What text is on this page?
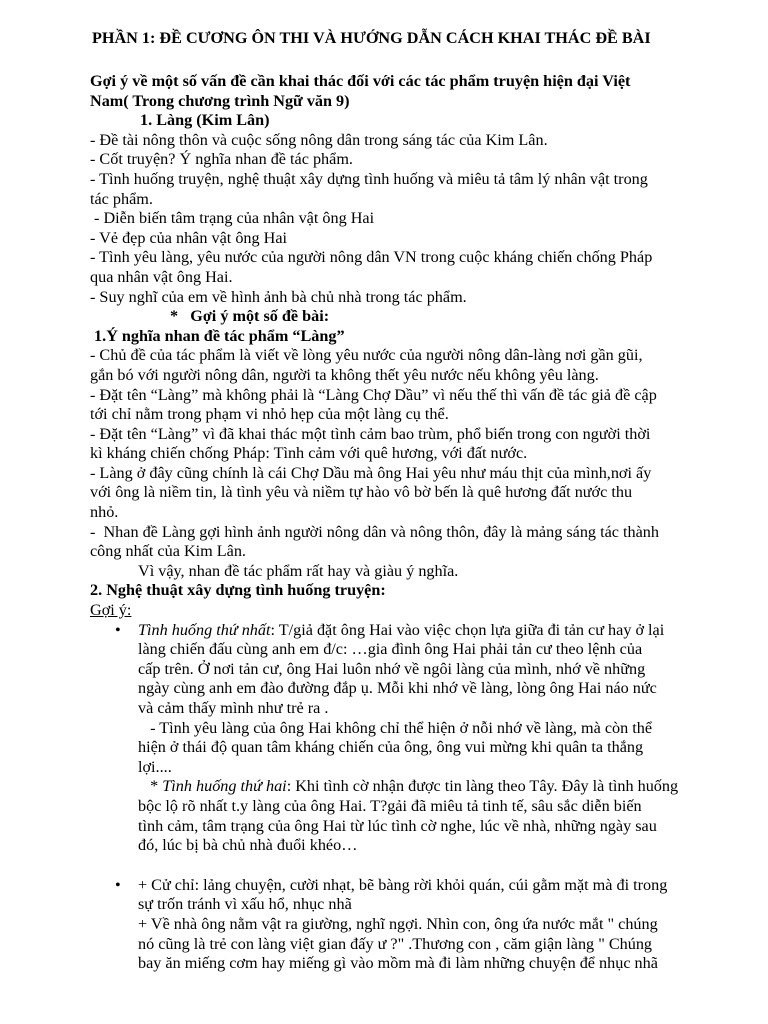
PHẦN 1: ĐỀ CƯƠNG ÔN THI VÀ HƯỚNG DẪN CÁCH KHAI THÁC ĐỀ BÀI

Gợi ý về một số vấn đề cần khai thác đối với các tác phẩm truyện hiện đại Việt

Nam( Trong chương trình Ngữ văn 9)

1. Làng (Kim Lân)

- Đề tài nông thôn và cuộc sống nông dân trong sáng tác của Kim Lân.

- Cốt truyện? Ý nghĩa nhan đề tác phẩm.

- Tình huống truyện, nghệ thuật xây dựng tình huống và miêu tả tâm lý nhân vật trong

tác phẩm.

- Diễn biến tâm trạng của nhân vật ông Hai

- Vẻ đẹp của nhân vật ông Hai

- Tình yêu làng, yêu nước của người nông dân VN trong cuộc kháng chiến chống Pháp

qua nhân vật ông Hai.

- Suy nghĩ của em về hình ảnh bà chủ nhà trong tác phẩm.

*   Gợi ý một số đề bài:

1.Ý nghĩa nhan đề tác phẩm “Làng”

- Chủ đề của tác phẩm là viết về lòng yêu nước của người nông dân-làng nơi gần gũi,

gắn bó với người nông dân, người ta không thết yêu nước nếu không yêu làng.

- Đặt tên “Làng” mà không phải là “Làng Chợ Dầu” vì nếu thế thì vấn đề tác giả đề cập

tới chỉ nằm trong phạm vi nhỏ hẹp của một làng cụ thể.

- Đặt tên “Làng” vì đã khai thác một tình cảm bao trùm, phổ biến trong con người thời

kì kháng chiến chống Pháp: Tình cảm với quê hương, với đất nước.

- Làng ở đây cũng chính là cái Chợ Dầu mà ông Hai yêu như máu thịt của mình,nơi ấy

với ông là niềm tin, là tình yêu và niềm tự hào vô bờ bến là quê hương đất nước thu

nhỏ.

-  Nhan đề Làng gợi hình ảnh người nông dân và nông thôn, đây là mảng sáng tác thành

công nhất của Kim Lân.

Vì vậy, nhan đề tác phẩm rất hay và giàu ý nghĩa.

2. Nghệ thuật xây dựng tình huống truyện:

Gợi ý:

• Tình huống thứ nhất: T/giả đặt ông Hai vào việc chọn lựa giữa đi tản cư hay ở lại

làng chiến đấu cùng anh em đ/c: …gia đình ông Hai phải tản cư theo lệnh của

cấp trên. Ở nơi tản cư, ông Hai luôn nhớ về ngôi làng của mình, nhớ về những

ngày cùng anh em đào đường đắp ụ. Mỗi khi nhớ về làng, lòng ông Hai náo nức

và cảm thấy mình như trẻ ra .

- Tình yêu làng của ông Hai không chỉ thể hiện ở nỗi nhớ về làng, mà còn thể

hiện ở thái độ quan tâm kháng chiến của ông, ông vui mừng khi quân ta thắng

lợi....

* Tình huống thứ hai: Khi tình cờ nhận được tin làng theo Tây. Đây là tình huống

bộc lộ rõ nhất t.y làng của ông Hai. T?gải đã miêu tả tinh tế, sâu sắc diễn biến

tình cảm, tâm trạng của ông Hai từ lúc tình cờ nghe, lúc về nhà, những ngày sau

đó, lúc bị bà chủ nhà đuổi khéo…

• + Cử chỉ: lảng chuyện, cười nhạt, bẽ bàng rời khỏi quán, cúi gằm mặt mà đi trong

sự trốn tránh vì xấu hổ, nhục nhã

+ Về nhà ông nằm vật ra giường, nghĩ ngợi. Nhìn con, ông ứa nước mắt " chúng

nó cũng là trẻ con làng việt gian đấy ư ?" .Thương con , căm giận làng " Chúng

bay ăn miếng cơm hay miếng gì vào mồm mà đi làm những chuyện để nhục nhã
